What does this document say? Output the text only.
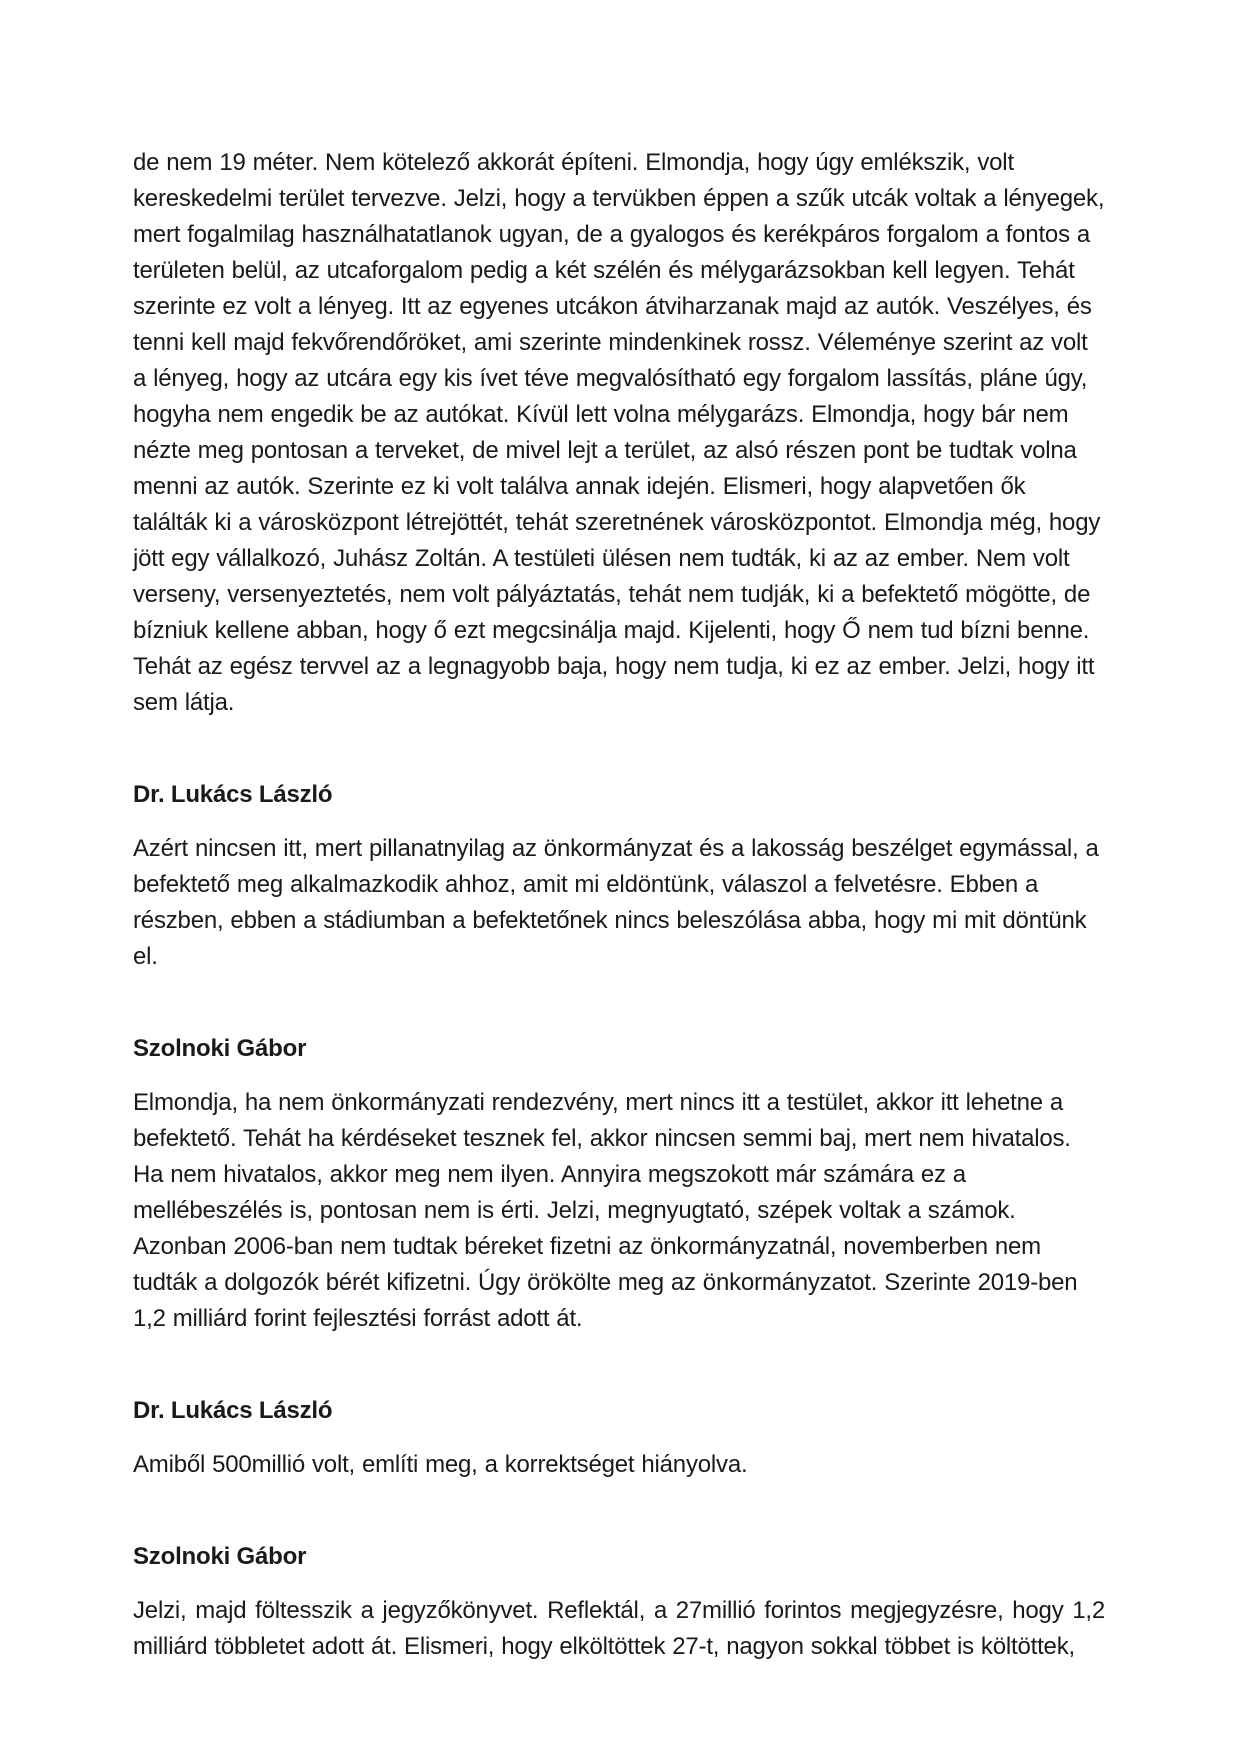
de nem 19 méter. Nem kötelező akkorát építeni. Elmondja, hogy úgy emlékszik, volt kereskedelmi terület tervezve. Jelzi, hogy a tervükben éppen a szűk utcák voltak a lényegek, mert fogalmilag használhatatlanok ugyan, de a gyalogos és kerékpáros forgalom a fontos a területen belül, az utcaforgalom pedig a két szélén és mélygarázsokban kell legyen. Tehát szerinte ez volt a lényeg. Itt az egyenes utcákon átviharzanak majd az autók. Veszélyes, és tenni kell majd fekvőrendőröket, ami szerinte mindenkinek rossz. Véleménye szerint az volt a lényeg, hogy az utcára egy kis ívet téve megvalósítható egy forgalom lassítás, pláne úgy, hogyha nem engedik be az autókat. Kívül lett volna mélygarázs. Elmondja, hogy bár nem nézte meg pontosan a terveket, de mivel lejt a terület, az alsó részen pont be tudtak volna menni az autók. Szerinte ez ki volt találva annak idején. Elismeri, hogy alapvetően ők találták ki a városközpont létrejöttét, tehát szeretnének városközpontot. Elmondja még, hogy jött egy vállalkozó, Juhász Zoltán. A testületi ülésen nem tudták, ki az az ember. Nem volt verseny, versenyeztetés, nem volt pályáztatás, tehát nem tudják, ki a befektető mögötte, de bízniuk kellene abban, hogy ő ezt megcsinálja majd. Kijelenti, hogy Ő nem tud bízni benne. Tehát az egész tervvel az a legnagyobb baja, hogy nem tudja, ki ez az ember. Jelzi, hogy itt sem látja.

Dr. Lukács László

Azért nincsen itt, mert pillanatnyilag az önkormányzat és a lakosság beszélget egymással, a befektető meg alkalmazkodik ahhoz, amit mi eldöntünk, válaszol a felvetésre. Ebben a részben, ebben a stádiumban a befektetőnek nincs beleszólása abba, hogy mi mit döntünk el.

Szolnoki Gábor

Elmondja, ha nem önkormányzati rendezvény, mert nincs itt a testület, akkor itt lehetne a befektető. Tehát ha kérdéseket tesznek fel, akkor nincsen semmi baj, mert nem hivatalos. Ha nem hivatalos, akkor meg nem ilyen. Annyira megszokott már számára ez a mellébeszélés is, pontosan nem is érti. Jelzi, megnyugtató, szépek voltak a számok. Azonban 2006-ban nem tudtak béreket fizetni az önkormányzatnál, novemberben nem tudták a dolgozók bérét kifizetni. Úgy örökölte meg az önkormányzatot. Szerinte 2019-ben 1,2 milliárd forint fejlesztési forrást adott át.

Dr. Lukács László

Amiből 500millió volt, említi meg, a korrektséget hiányolva.

Szolnoki Gábor

Jelzi, majd föltesszik a jegyzőkönyvet. Reflektál, a 27millió forintos megjegyzésre, hogy 1,2 milliárd többletet adott át. Elismeri, hogy elköltöttek 27-t, nagyon sokkal többet is költöttek,
